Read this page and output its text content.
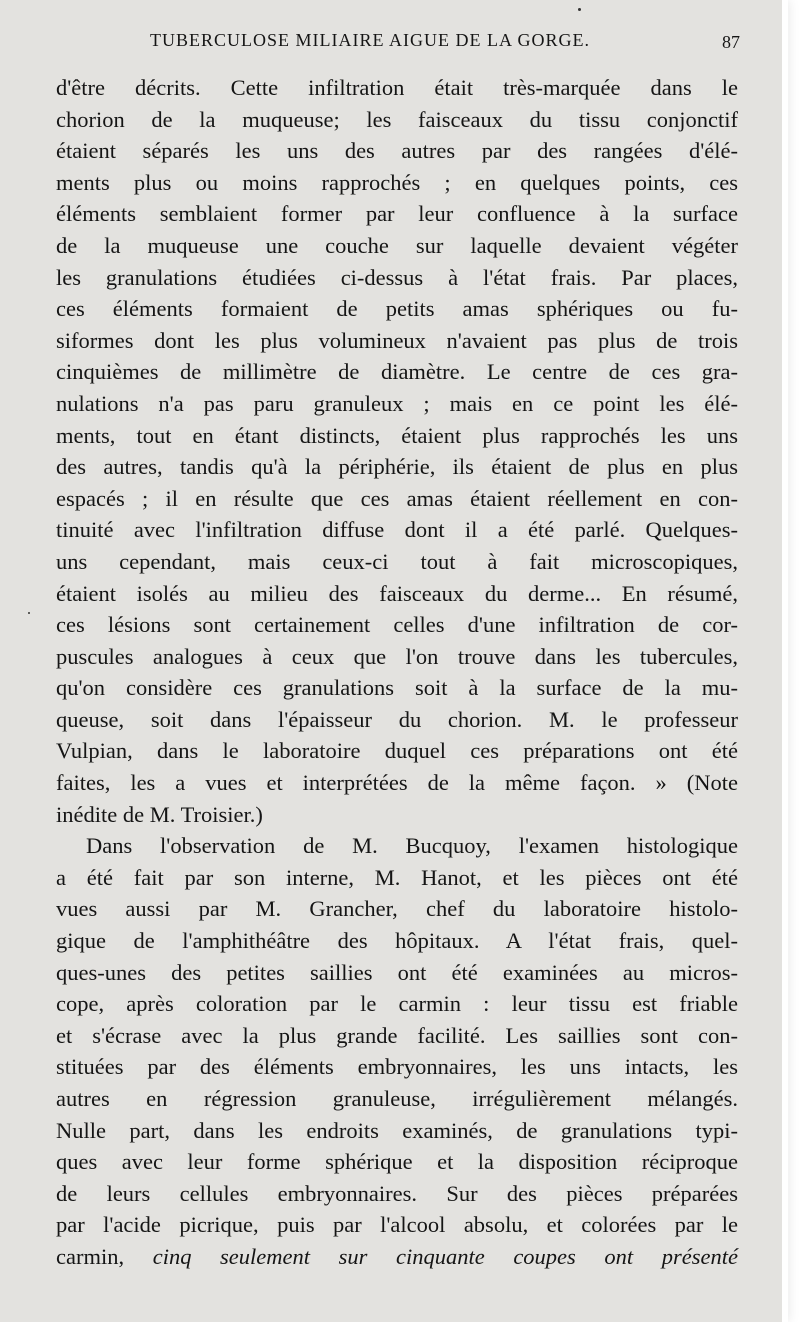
TUBERCULOSE MILIAIRE AIGUE DE LA GORGE.	87
d'être décrits. Cette infiltration était très-marquée dans le
chorion de la muqueuse; les faisceaux du tissu conjonctif
étaient séparés les uns des autres par des rangées d'élé-
ments plus ou moins rapprochés ; en quelques points, ces
éléments semblaient former par leur confluence à la surface
de la muqueuse une couche sur laquelle devaient végéter
les granulations étudiées ci-dessus à l'état frais. Par places,
ces éléments formaient de petits amas sphériques ou fu-
siformes dont les plus volumineux n'avaient pas plus de trois
cinquièmes de millimètre de diamètre. Le centre de ces gra-
nulations n'a pas paru granuleux ; mais en ce point les élé-
ments, tout en étant distincts, étaient plus rapprochés les uns
des autres, tandis qu'à la périphérie, ils étaient de plus en plus
espacés ; il en résulte que ces amas étaient réellement en con-
tinuité avec l'infiltration diffuse dont il a été parlé. Quelques-
uns cependant, mais ceux-ci tout à fait microscopiques,
étaient isolés au milieu des faisceaux du derme... En résumé,
ces lésions sont certainement celles d'une infiltration de cor-
puscules analogues à ceux que l'on trouve dans les tubercules,
qu'on considère ces granulations soit à la surface de la mu-
queuse, soit dans l'épaisseur du chorion. M. le professeur
Vulpian, dans le laboratoire duquel ces préparations ont été
faites, les a vues et interprétées de la même façon. » (Note
inédite de M. Troisier.)
Dans l'observation de M. Bucquoy, l'examen histologique
a été fait par son interne, M. Hanot, et les pièces ont été
vues aussi par M. Grancher, chef du laboratoire histolo-
gique de l'amphithéâtre des hôpitaux. A l'état frais, quel-
ques-unes des petites saillies ont été examinées au micros-
cope, après coloration par le carmin : leur tissu est friable
et s'écrase avec la plus grande facilité. Les saillies sont con-
stituées par des éléments embryonnaires, les uns intacts, les
autres en régression granuleuse, irrégulièrement mélangés.
Nulle part, dans les endroits examinés, de granulations typi-
ques avec leur forme sphérique et la disposition réciproque
de leurs cellules embryonnaires. Sur des pièces préparées
par l'acide picrique, puis par l'alcool absolu, et colorées par le
carmin, cinq seulement sur cinquante coupes ont présenté
